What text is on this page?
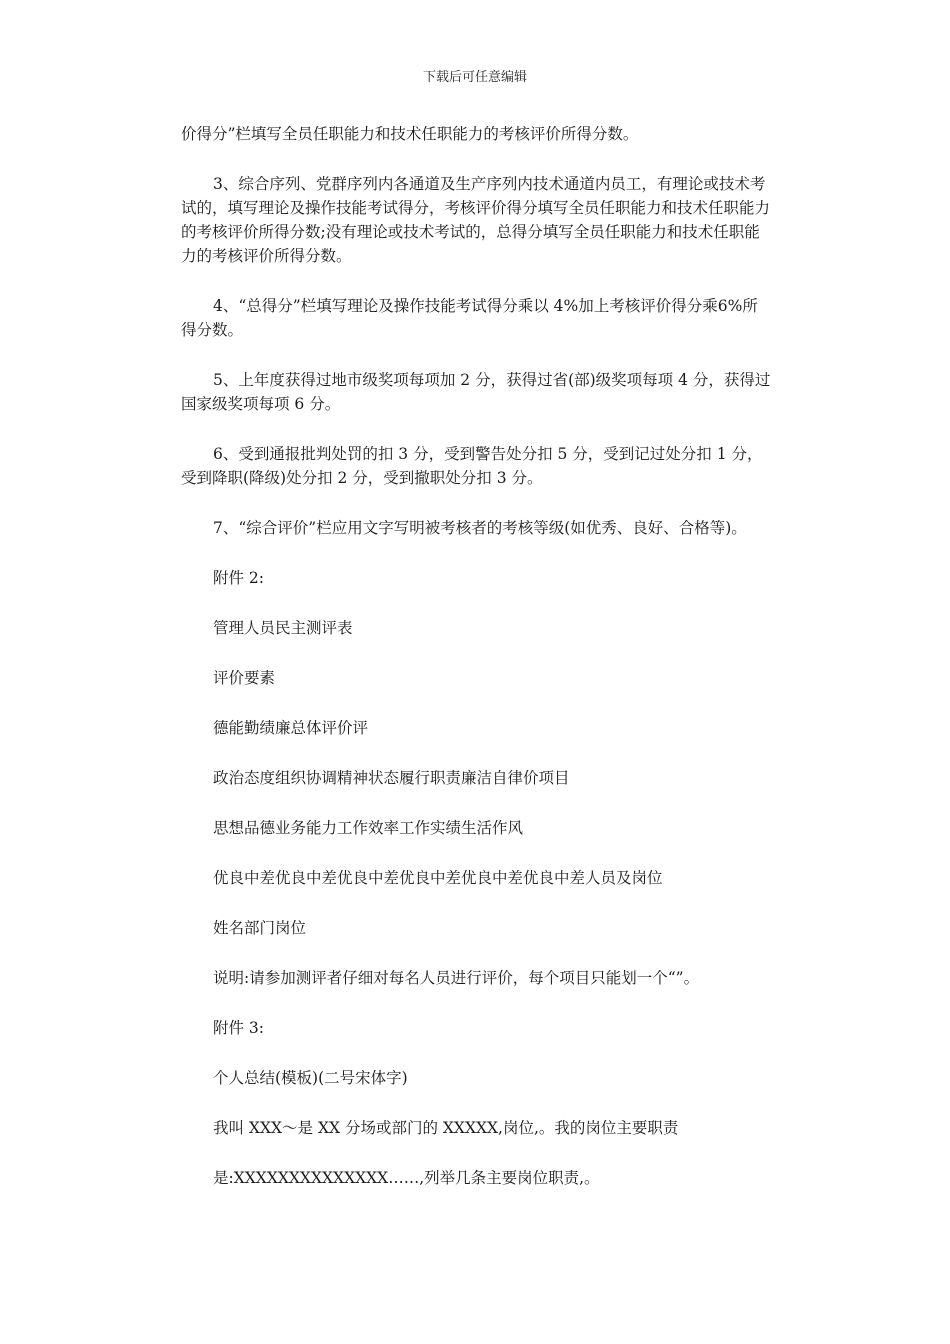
下载后可任意编辑

价得分”栏填写全员任职能力和技术任职能力的考核评价所得分数。

3、综合序列、党群序列内各通道及生产序列内技术通道内员工，有理论或技术考试的，填写理论及操作技能考试得分，考核评价得分填写全员任职能力和技术任职能力的考核评价所得分数;没有理论或技术考试的，总得分填写全员任职能力和技术任职能力的考核评价所得分数。

4、“总得分”栏填写理论及操作技能考试得分乘以 4%加上考核评价得分乘6%所得分数。

5、上年度获得过地市级奖项每项加 2 分，获得过省(部)级奖项每项 4 分，获得过国家级奖项每项 6 分。

6、受到通报批判处罚的扣 3 分，受到警告处分扣 5 分，受到记过处分扣 1 分，受到降职(降级)处分扣 2 分，受到撤职处分扣 3 分。

7、“综合评价”栏应用文字写明被考核者的考核等级(如优秀、良好、合格等)。

附件 2:

管理人员民主测评表

评价要素

德能勤绩廉总体评价评

政治态度组织协调精神状态履行职责廉洁自律价项目

思想品德业务能力工作效率工作实绩生活作风

优良中差优良中差优良中差优良中差优良中差优良中差人员及岗位

姓名部门岗位

说明:请参加测评者仔细对每名人员进行评价，每个项目只能划一个“”。

附件 3:

个人总结(模板)(二号宋体字)

我叫 XXX～是 XX 分场或部门的 XXXXX,岗位,。我的岗位主要职责

是:XXXXXXXXXXXXXX……,列举几条主要岗位职责,。
